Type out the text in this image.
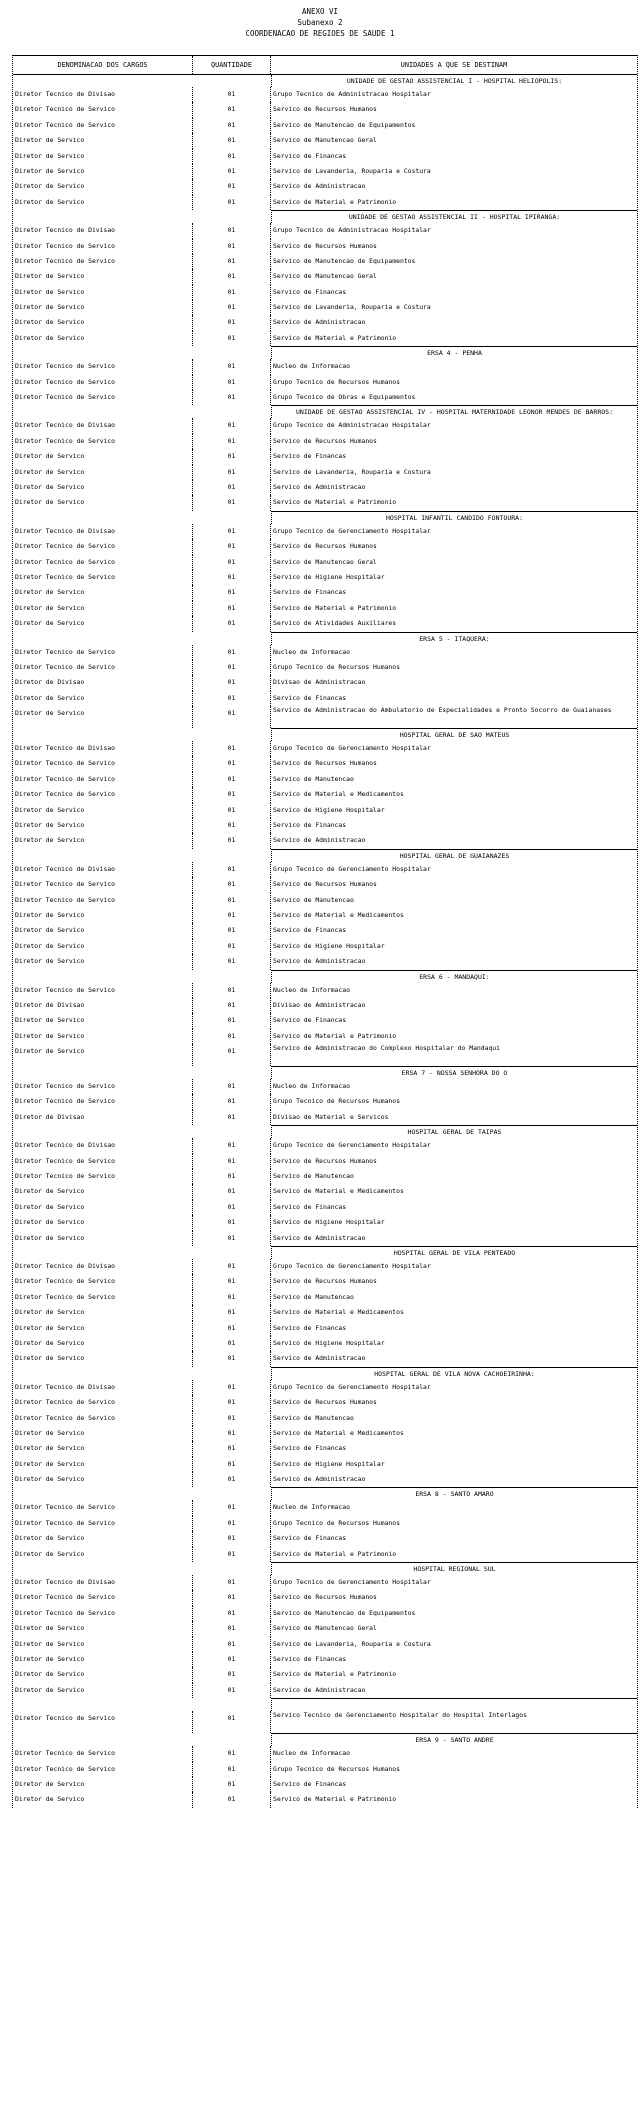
ANEXO VI
Subanexo 2
COORDENACAO DE REGIOES DE SAUDE 1
DENOMINACAO DOS CARGOS	QUANTIDADE	UNIDADES A QUE SE DESTINAM
UNIDADE DE GESTAO ASSISTENCIAL I - HOSPITAL HELIOPOLIS:
Diretor Tecnico de Divisao	01	Grupo Tecnico de Administracao Hospitalar
Diretor Tecnico de Servico	01	Servico de Recursos Humanos
Diretor Tecnico de Servico	01	Servico de Manutencao de Equipamentos
Diretor de Servico	01	Servico de Manutencao Geral
Diretor de Servico	01	Servico de Financas
Diretor de Servico	01	Servico de Lavanderia, Rouparia e Costura
Diretor de Servico	01	Servico de Administracao
Diretor de Servico	01	Servico de Material e Patrimonio
UNIDADE DE GESTAO ASSISTENCIAL II - HOSPITAL IPIRANGA:
Diretor Tecnico de Divisao	01	Grupo Tecnico de Administracao Hospitalar
Diretor Tecnico de Servico	01	Servico de Recursos Humanos
Diretor Tecnico de Servico	01	Servico de Manutencao de Equipamentos
Diretor de Servico	01	Servico de Manutencao Geral
Diretor de Servico	01	Servico de Financas
Diretor de Servico	01	Servico de Lavanderia, Rouparia e Costura
Diretor de Servico	01	Servico de Administracao
Diretor de Servico	01	Servico de Material e Patrimonio
ERSA 4 - PENHA
Diretor Tecnico de Servico	01	Nucleo de Informacao
Diretor Tecnico de Servico	01	Grupo Tecnico de Recursos Humanos
Diretor Tecnico de Servico	01	Grupo Tecnico de Obras e Equipamentos
UNIDADE DE GESTAO ASSISTENCIAL IV - HOSPITAL MATERNIDADE LEONOR MENDES DE BARROS:
Diretor Tecnico de Divisao	01	Grupo Tecnico de Administracao Hospitalar
Diretor Tecnico de Servico	01	Servico de Recursos Humanos
Diretor de Servico	01	Servico de Financas
Diretor de Servico	01	Servico de Lavanderia, Rouparia e Costura
Diretor de Servico	01	Servico de Administracao
Diretor de Servico	01	Servico de Material e Patrimonio
HOSPITAL INFANTIL CANDIDO FONTOURA:
Diretor Tecnico de Divisao	01	Grupo Tecnico de Gerenciamento Hospitalar
Diretor Tecnico de Servico	01	Servico de Recursos Humanos
Diretor Tecnico de Servico	01	Servico de Manutencao Geral
Diretor Tecnico de Servico	01	Servico de Higiene Hospitalar
Diretor de Servico	01	Servico de Financas
Diretor de Servico	01	Servico de Material e Patrimonio
Diretor de Servico	01	Servico de Atividades Auxiliares
ERSA 5 - ITAQUERA:
Diretor Tecnico de Servico	01	Nucleo de Informacao
Diretor Tecnico de Servico	01	Grupo Tecnico de Recursos Humanos
Diretor de Divisao	01	Divisao de Administracao
Diretor de Servico	01	Servico de Financas
Diretor de Servico	01	Servico de Administracao do Ambulatorio de Especialidades e Pronto Socorro de Guaianases
HOSPITAL GERAL DE SAO MATEUS
Diretor Tecnico de Divisao	01	Grupo Tecnico de Gerenciamento Hospitalar
Diretor Tecnico de Servico	01	Servico de Recursos Humanos
Diretor Tecnico de Servico	01	Servico de Manutencao
Diretor Tecnico de Servico	01	Servico de Material e Medicamentos
Diretor de Servico	01	Servico de Higiene Hospitalar
Diretor de Servico	01	Servico de Financas
Diretor de Servico	01	Servico de Administracao
HOSPITAL GERAL DE GUAIANAZES
Diretor Tecnico de Divisao	01	Grupo Tecnico de Gerenciamento Hospitalar
Diretor Tecnico de Servico	01	Servico de Recursos Humanos
Diretor Tecnico de Servico	01	Servico de Manutencao
Diretor de Servico	01	Servico de Material e Medicamentos
Diretor de Servico	01	Servico de Financas
Diretor de Servico	01	Servico de Higiene Hospitalar
Diretor de Servico	01	Servico de Administracao
ERSA 6 - MANDAQUI:
Diretor Tecnico de Servico	01	Nucleo de Informacao
Diretor de Divisao	01	Divisao de Administracao
Diretor de Servico	01	Servico de Financas
Diretor de Servico	01	Servico de Material e Patrimonio
Diretor de Servico	01	Servico de Administracao do Complexo Hospitalar do Mandaqui
ERSA 7 - NOSSA SENHORA DO O
Diretor Tecnico de Servico	01	Nucleo de Informacao
Diretor Tecnico de Servico	01	Grupo Tecnico de Recursos Humanos
Diretor de Divisao	01	Divisao de Material e Servicos
HOSPITAL GERAL DE TAIPAS
Diretor Tecnico de Divisao	01	Grupo Tecnico de Gerenciamento Hospitalar
Diretor Tecnico de Servico	01	Servico de Recursos Humanos
Diretor Tecnico de Servico	01	Servico de Manutencao
Diretor de Servico	01	Servico de Material e Medicamentos
Diretor de Servico	01	Servico de Financas
Diretor de Servico	01	Servico de Higiene Hospitalar
Diretor de Servico	01	Servico de Administracao
HOSPITAL GERAL DE VILA PENTEADO
Diretor Tecnico de Divisao	01	Grupo Tecnico de Gerenciamento Hospitalar
Diretor Tecnico de Servico	01	Servico de Recursos Humanos
Diretor Tecnico de Servico	01	Servico de Manutencao
Diretor de Servico	01	Servico de Material e Medicamentos
Diretor de Servico	01	Servico de Financas
Diretor de Servico	01	Servico de Higiene Hospitalar
Diretor de Servico	01	Servico de Administracao
HOSPITAL GERAL DE VILA NOVA CACHOEIRINHA:
Diretor Tecnico de Divisao	01	Grupo Tecnico de Gerenciamento Hospitalar
Diretor Tecnico de Servico	01	Servico de Recursos Humanos
Diretor Tecnico de Servico	01	Servico de Manutencao
Diretor de Servico	01	Servico de Material e Medicamentos
Diretor de Servico	01	Servico de Financas
Diretor de Servico	01	Servico de Higiene Hospitalar
Diretor de Servico	01	Servico de Administracao
ERSA 8 - SANTO AMARO
Diretor Tecnico de Servico	01	Nucleo de Informacao
Diretor Tecnico de Servico	01	Grupo Tecnico de Recursos Humanos
Diretor de Servico	01	Servico de Financas
Diretor de Servico	01	Servico de Material e Patrimonio
HOSPITAL REGIONAL SUL
Diretor Tecnico de Divisao	01	Grupo Tecnico de Gerenciamento Hospitalar
Diretor Tecnico de Servico	01	Servico de Recursos Humanos
Diretor Tecnico de Servico	01	Servico de Manutencao de Equipamentos
Diretor de Servico	01	Servico de Manutencao Geral
Diretor de Servico	01	Servico de Lavanderia, Rouparia e Costura
Diretor de Servico	01	Servico de Financas
Diretor de Servico	01	Servico de Material e Patrimonio
Diretor de Servico	01	Servico de Administracao
Diretor Tecnico de Servico	01	Servico Tecnico de Gerenciamento Hospitalar do Hospital Interlagos
ERSA 9 - SANTO ANDRE
Diretor Tecnico de Servico	01	Nucleo de Informacao
Diretor Tecnico de Servico	01	Grupo Tecnico de Recursos Humanos
Diretor de Servico	01	Servico de Financas
Diretor de Servico	01	Servico de Material e Patrimonio
